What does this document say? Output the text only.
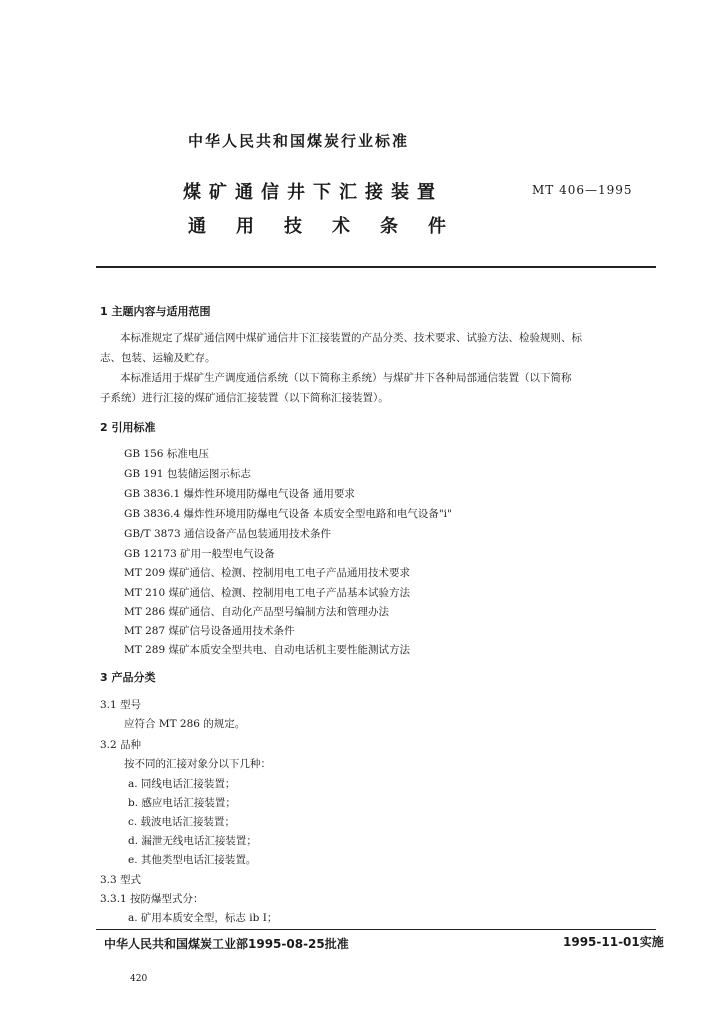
中华人民共和国煤炭行业标准
煤矿通信井下汇接装置
通用技术条件
MT 406—1995
1 主题内容与适用范围
本标准规定了煤矿通信网中煤矿通信井下汇接装置的产品分类、技术要求、试验方法、检验规则、标
志、包装、运输及贮存。
本标准适用于煤矿生产调度通信系统（以下简称主系统）与煤矿井下各种局部通信装置（以下简称
子系统）进行汇接的煤矿通信汇接装置（以下简称汇接装置）。
2 引用标准
GB 156 标准电压
GB 191 包装储运图示标志
GB 3836.1 爆炸性环境用防爆电气设备 通用要求
GB 3836.4 爆炸性环境用防爆电气设备 本质安全型电路和电气设备"i"
GB/T 3873 通信设备产品包装通用技术条件
GB 12173 矿用一般型电气设备
MT 209 煤矿通信、检测、控制用电工电子产品通用技术要求
MT 210 煤矿通信、检测、控制用电工电子产品基本试验方法
MT 286 煤矿通信、自动化产品型号编制方法和管理办法
MT 287 煤矿信号设备通用技术条件
MT 289 煤矿本质安全型共电、自动电话机主要性能测试方法
3 产品分类
3.1 型号
应符合 MT 286 的规定。
3.2 品种
按不同的汇接对象分以下几种：
a. 同线电话汇接装置；
b. 感应电话汇接装置；
c. 载波电话汇接装置；
d. 漏泄无线电话汇接装置；
e. 其他类型电话汇接装置。
3.3 型式
3.3.1 按防爆型式分：
a. 矿用本质安全型，标志 ib I；
中华人民共和国煤炭工业部1995-08-25批准	1995-11-01实施
420
